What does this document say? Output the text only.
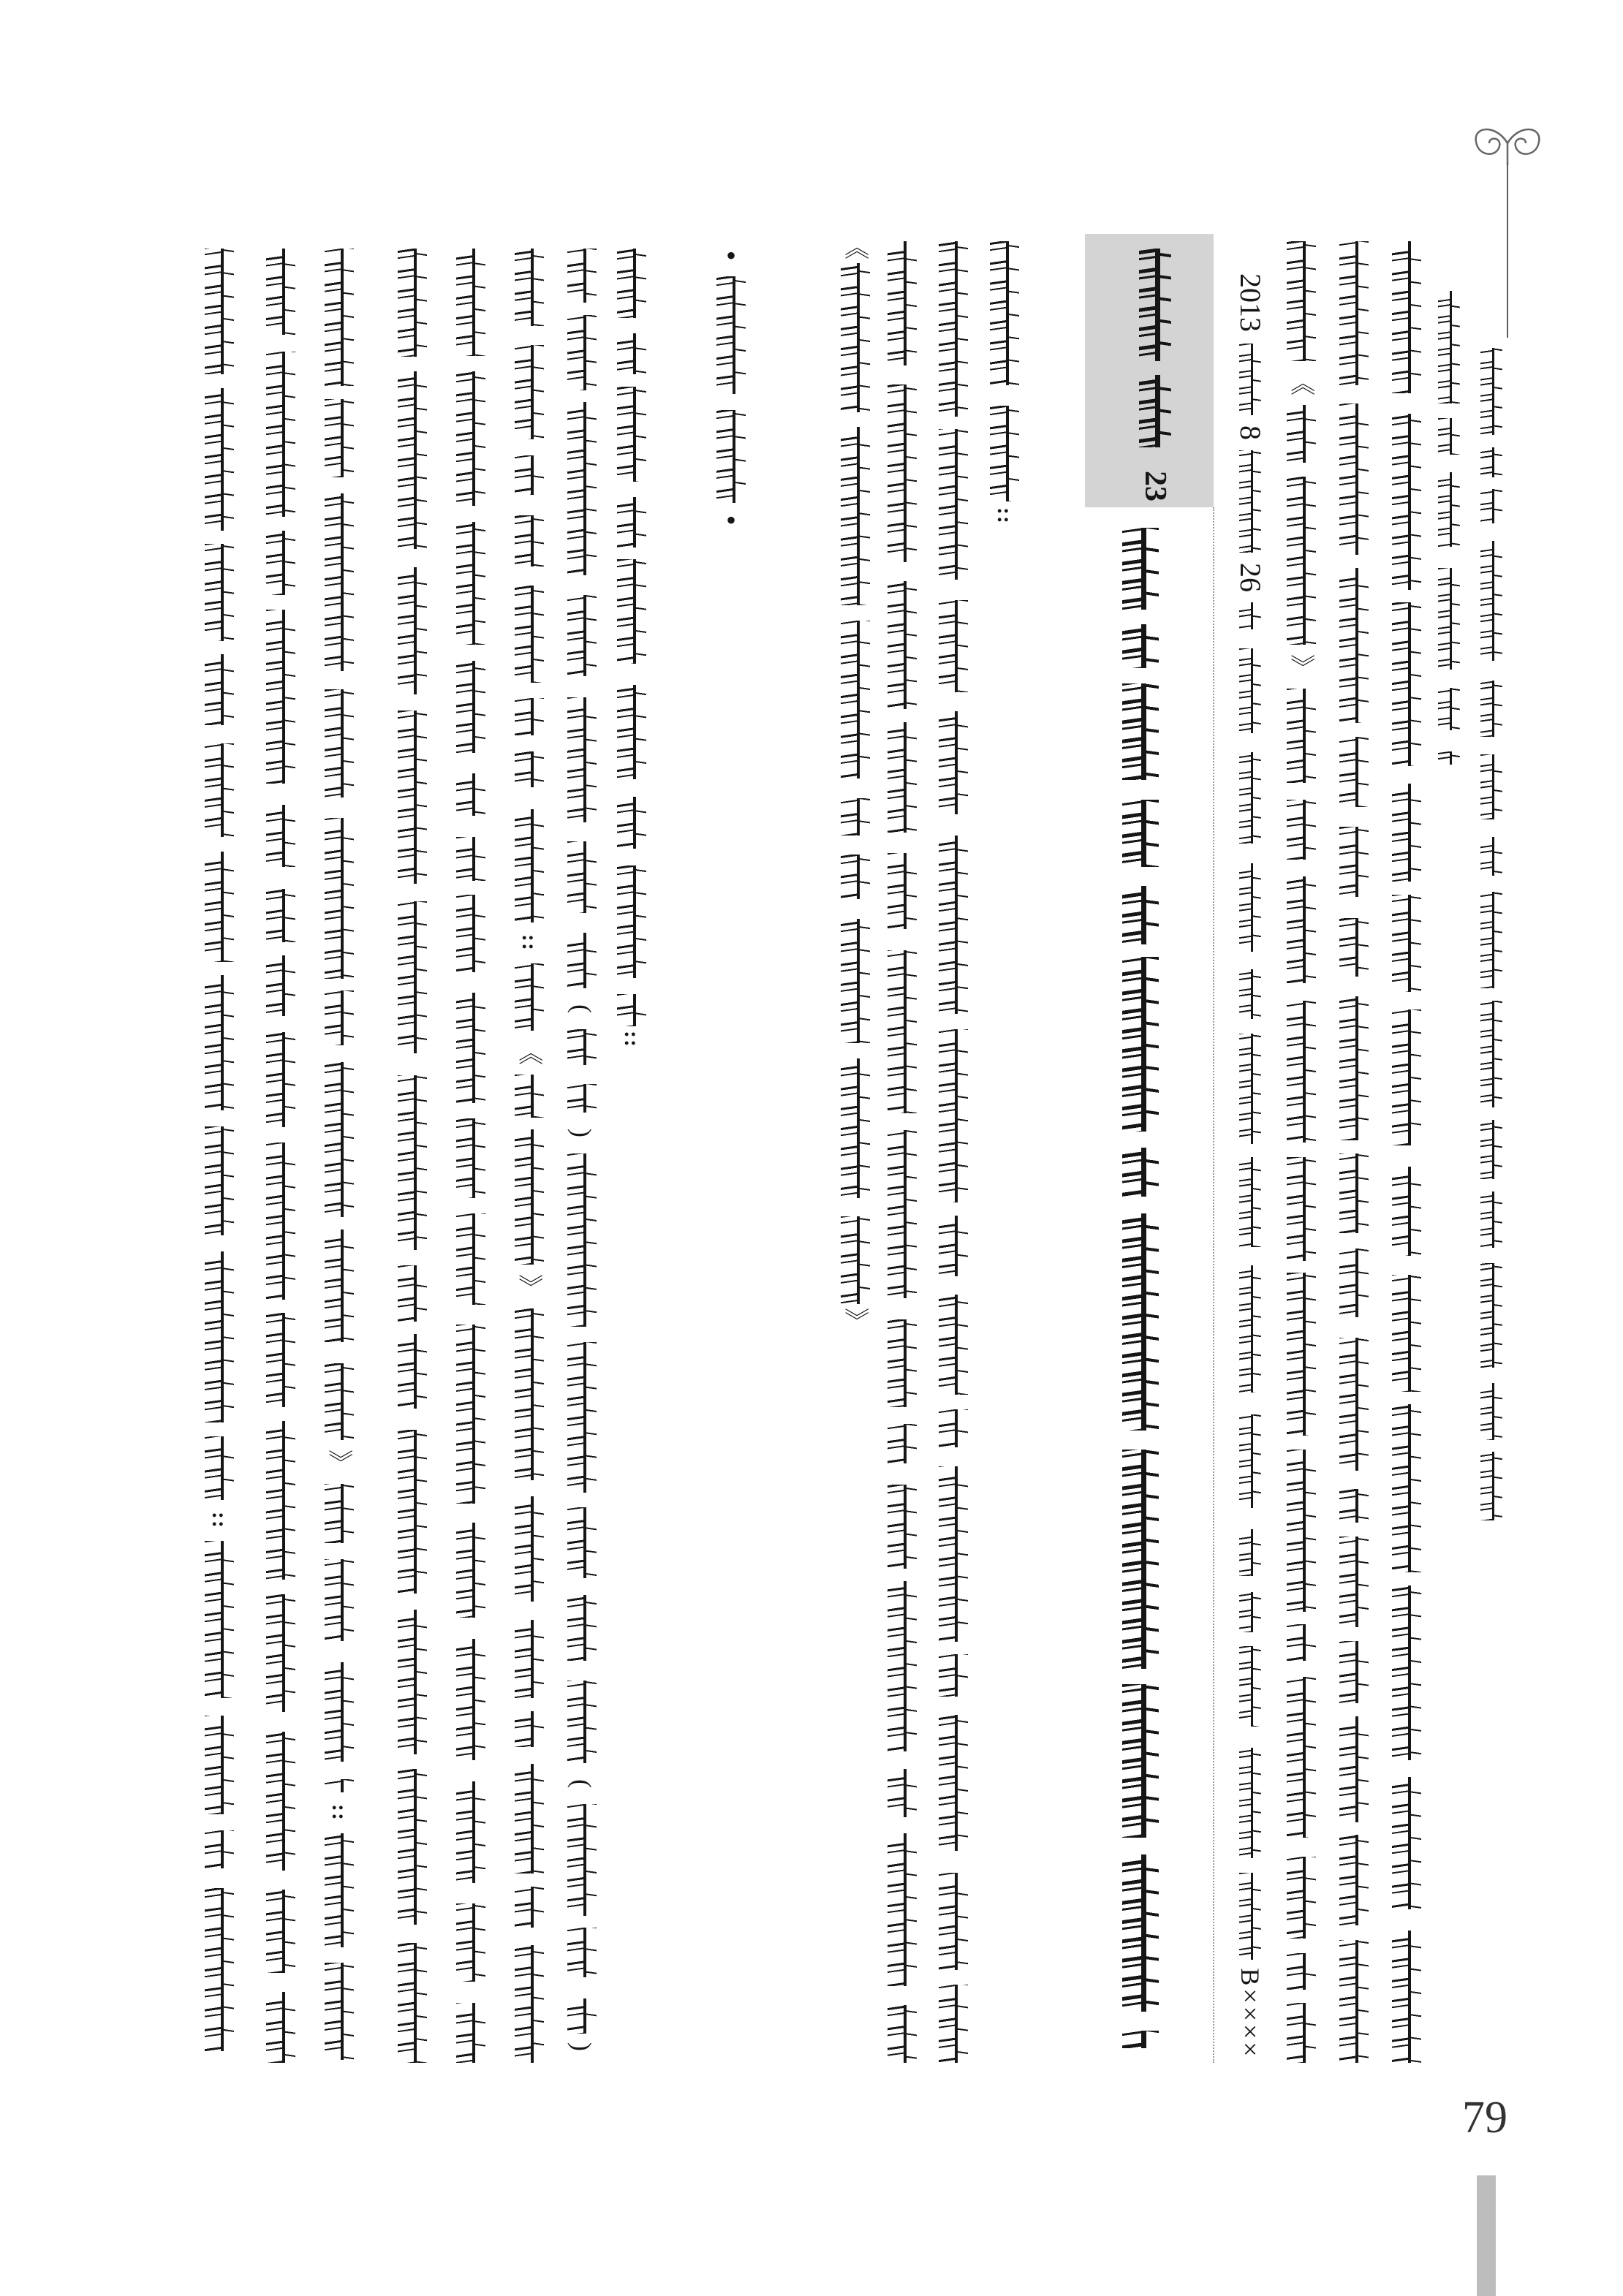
23
2013
8
26
B××××
《
》
《
》
《
》
》
(
)
(
)
::
::
::
::
::
•
•
79
